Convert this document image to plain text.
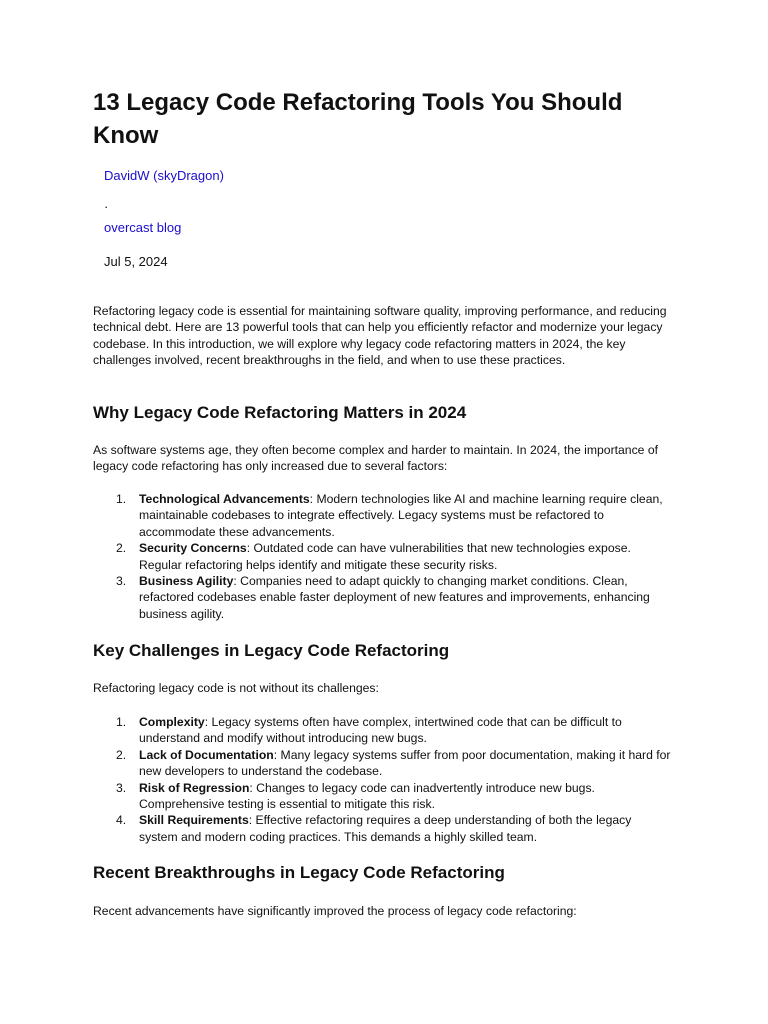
13 Legacy Code Refactoring Tools You Should Know
DavidW (skyDragon)
·
overcast blog
Jul 5, 2024

Refactoring legacy code is essential for maintaining software quality, improving performance, and reducing technical debt. Here are 13 powerful tools that can help you efficiently refactor and modernize your legacy codebase. In this introduction, we will explore why legacy code refactoring matters in 2024, the key challenges involved, recent breakthroughs in the field, and when to use these practices.

Why Legacy Code Refactoring Matters in 2024

As software systems age, they often become complex and harder to maintain. In 2024, the importance of legacy code refactoring has only increased due to several factors:

1. Technological Advancements: Modern technologies like AI and machine learning require clean, maintainable codebases to integrate effectively. Legacy systems must be refactored to accommodate these advancements.
2. Security Concerns: Outdated code can have vulnerabilities that new technologies expose. Regular refactoring helps identify and mitigate these security risks.
3. Business Agility: Companies need to adapt quickly to changing market conditions. Clean, refactored codebases enable faster deployment of new features and improvements, enhancing business agility.
Key Challenges in Legacy Code Refactoring

Refactoring legacy code is not without its challenges:

1. Complexity: Legacy systems often have complex, intertwined code that can be difficult to understand and modify without introducing new bugs.
2. Lack of Documentation: Many legacy systems suffer from poor documentation, making it hard for new developers to understand the codebase.
3. Risk of Regression: Changes to legacy code can inadvertently introduce new bugs. Comprehensive testing is essential to mitigate this risk.
4. Skill Requirements: Effective refactoring requires a deep understanding of both the legacy system and modern coding practices. This demands a highly skilled team.
Recent Breakthroughs in Legacy Code Refactoring

Recent advancements have significantly improved the process of legacy code refactoring:
